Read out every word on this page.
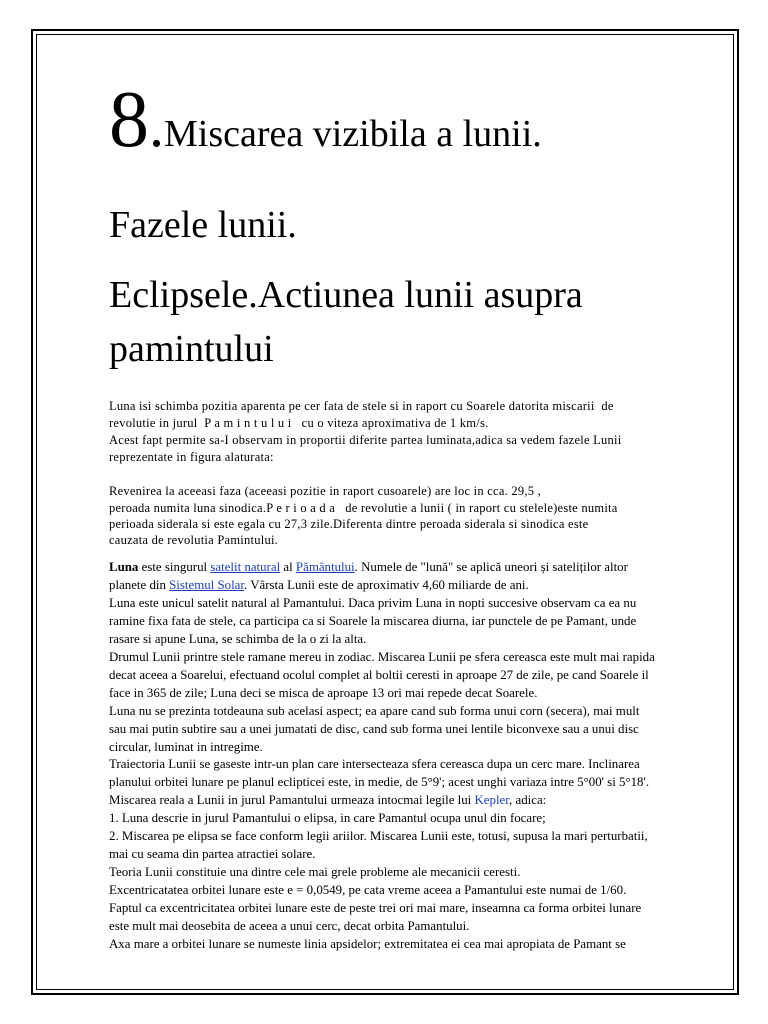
8.Miscarea vizibila a lunii.
Fazele lunii.
Eclipsele.Actiunea lunii asupra
pamintului
Luna isi schimba pozitia aparenta pe cer fata de stele si in raport cu Soarele datorita miscarii  de
revolutie in jurul  P a m i n t u l u i   cu o viteza aproximativa de 1 km/s.
Acest fapt permite sa-I observam in proportii diferite partea luminata,adica sa vedem fazele Lunii
reprezentate in figura alaturata:
Revenirea la aceeasi faza (aceeasi pozitie in raport cusoarele) are loc in cca. 29,5 ,
peroada numita luna sinodica.P e r i o a d a   de revolutie a lunii ( in raport cu stelele)este numita
perioada siderala si este egala cu 27,3 zile.Diferenta dintre peroada siderala si sinodica este
cauzata de revolutia Pamintului.
Luna este singurul satelit natural al Pământului. Numele de "lună" se aplică uneori și sateliților altor
planete din Sistemul Solar. Vârsta Lunii este de aproximativ 4,60 miliarde de ani.
Luna este unicul satelit natural al Pamantului. Daca privim Luna in nopti succesive observam ca ea nu
ramine fixa fata de stele, ca participa ca si Soarele la miscarea diurna, iar punctele de pe Pamant, unde
rasare si apune Luna, se schimba de la o zi la alta.
Drumul Lunii printre stele ramane mereu in zodiac. Miscarea Lunii pe sfera cereasca este mult mai rapida
decat aceea a Soarelui, efectuand ocolul complet al boltii ceresti in aproape 27 de zile, pe cand Soarele il
face in 365 de zile; Luna deci se misca de aproape 13 ori mai repede decat Soarele.
Luna nu se prezinta totdeauna sub acelasi aspect; ea apare cand sub forma unui corn (secera), mai mult
sau mai putin subtire sau a unei jumatati de disc, cand sub forma unei lentile biconvexe sau a unui disc
circular, luminat in intregime.
Traiectoria Lunii se gaseste intr-un plan care intersecteaza sfera cereasca dupa un cerc mare. Inclinarea
planului orbitei lunare pe planul eclipticei este, in medie, de 5°9'; acest unghi variaza intre 5°00' si 5°18'.
Miscarea reala a Lunii in jurul Pamantului urmeaza intocmai legile lui Kepler, adica:
1. Luna descrie in jurul Pamantului o elipsa, in care Pamantul ocupa unul din focare;
2. Miscarea pe elipsa se face conform legii ariilor. Miscarea Lunii este, totusi, supusa la mari perturbatii,
mai cu seama din partea atractiei solare.
Teoria Lunii constituie una dintre cele mai grele probleme ale mecanicii ceresti.
Excentricatatea orbitei lunare este e = 0,0549, pe cata vreme aceea a Pamantului este numai de 1/60.
Faptul ca excentricitatea orbitei lunare este de peste trei ori mai mare, inseamna ca forma orbitei lunare
este mult mai deosebita de aceea a unui cerc, decat orbita Pamantului.
Axa mare a orbitei lunare se numeste linia apsidelor; extremitatea ei cea mai apropiata de Pamant se
